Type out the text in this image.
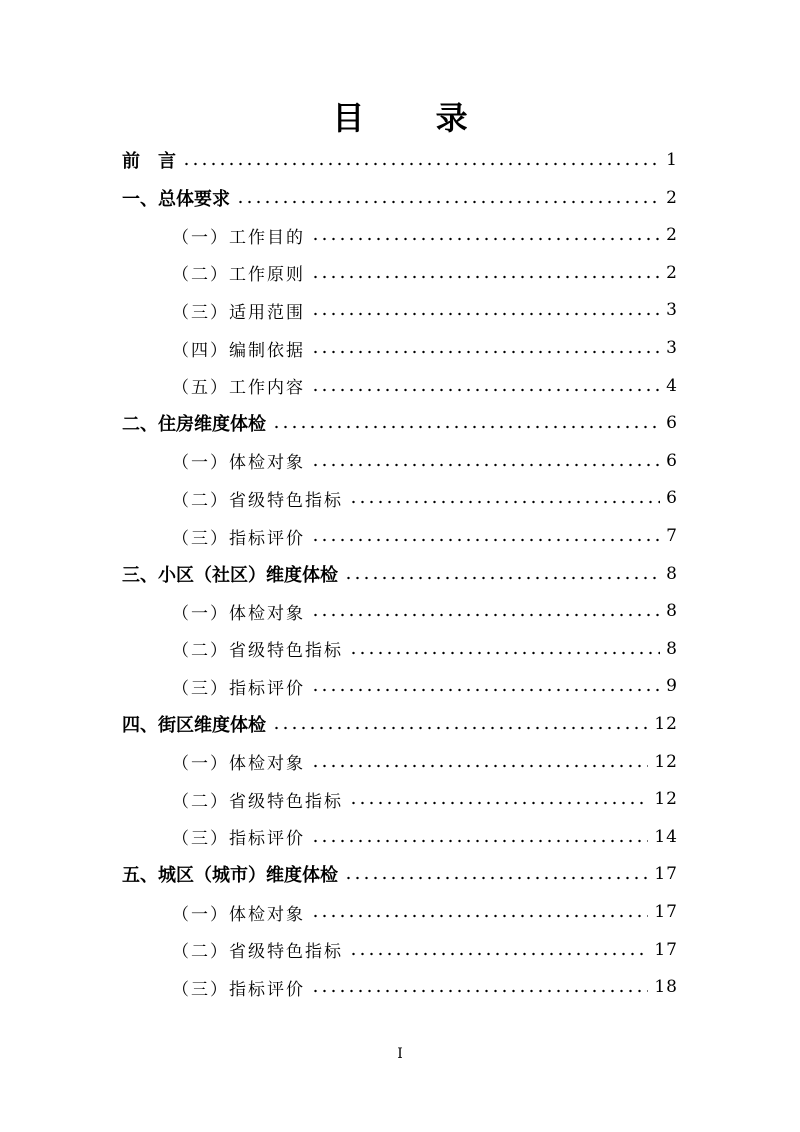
目 录
前　言	1
一、总体要求	2
（一）工作目的	2
（二）工作原则	2
（三）适用范围	3
（四）编制依据	3
（五）工作内容	4
二、住房维度体检	6
（一）体检对象	6
（二）省级特色指标	6
（三）指标评价	7
三、小区（社区）维度体检	8
（一）体检对象	8
（二）省级特色指标	8
（三）指标评价	9
四、街区维度体检	12
（一）体检对象	12
（二）省级特色指标	12
（三）指标评价	14
五、城区（城市）维度体检	17
（一）体检对象	17
（二）省级特色指标	17
（三）指标评价	18
I
